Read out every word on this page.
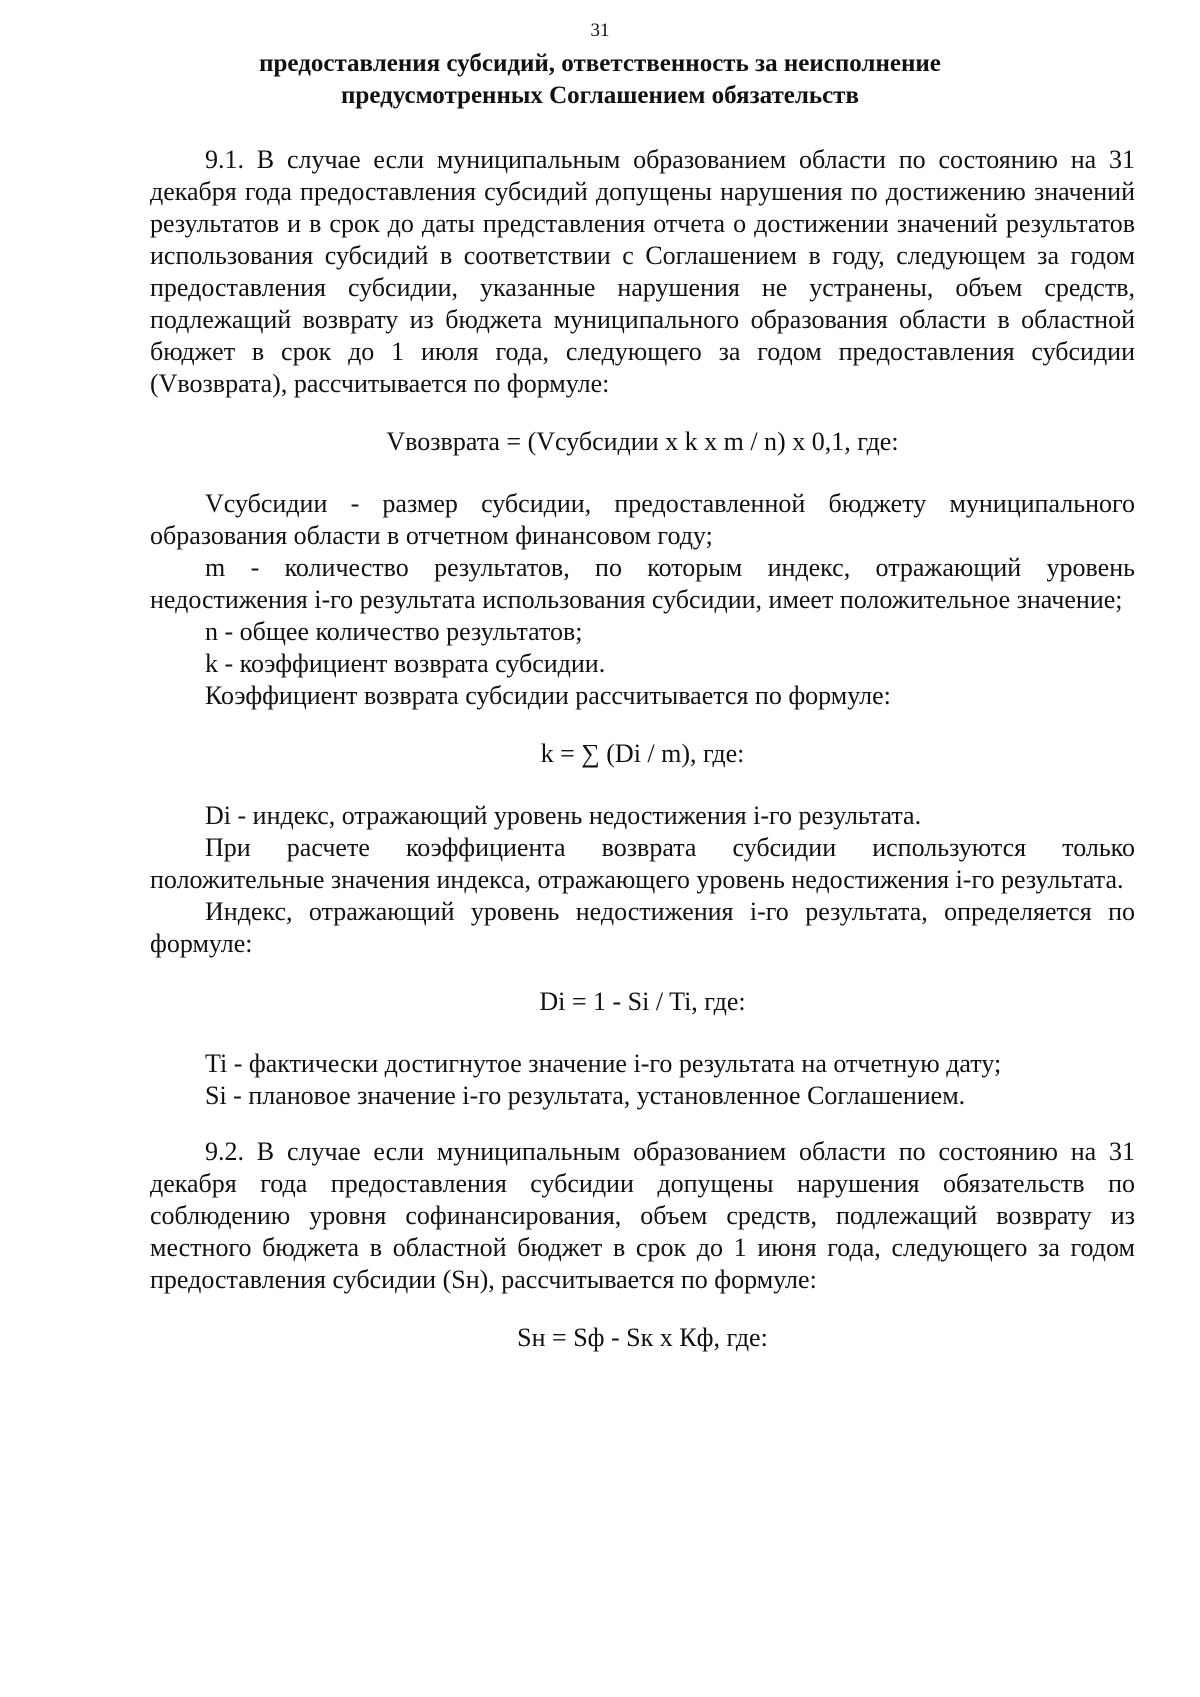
31
предоставления субсидий, ответственность за неисполнение
предусмотренных Соглашением обязательств

9.1. В случае если муниципальным образованием области по состоянию на 31 декабря года предоставления субсидий допущены нарушения по достижению значений результатов и в срок до даты представления отчета о достижении значений результатов использования субсидий в соответствии с Соглашением в году, следующем за годом предоставления субсидии, указанные нарушения не устранены, объем средств, подлежащий возврату из бюджета муниципального образования области в областной бюджет в срок до 1 июля года, следующего за годом предоставления субсидии (Vвозврата), рассчитывается по формуле:

Vвозврата = (Vсубсидии x k x m / n) x 0,1, где:

Vсубсидии - размер субсидии, предоставленной бюджету муниципального образования области в отчетном финансовом году;

m - количество результатов, по которым индекс, отражающий уровень недостижения i-го результата использования субсидии, имеет положительное значение;

n - общее количество результатов;

k - коэффициент возврата субсидии.

Коэффициент возврата субсидии рассчитывается по формуле:

k = ∑ (Di / m), где:

Di - индекс, отражающий уровень недостижения i-го результата.

При расчете коэффициента возврата субсидии используются только положительные значения индекса, отражающего уровень недостижения i-го результата.

Индекс, отражающий уровень недостижения i-го результата, определяется по формуле:

Di = 1 - Si / Ti, где:

Ti - фактически достигнутое значение i-го результата на отчетную дату;

Si - плановое значение i-го результата, установленное Соглашением.

9.2. В случае если муниципальным образованием области по состоянию на 31 декабря года предоставления субсидии допущены нарушения обязательств по соблюдению уровня софинансирования, объем средств, подлежащий возврату из местного бюджета в областной бюджет в срок до 1 июня года, следующего за годом предоставления субсидии (Sн), рассчитывается по формуле:

Sн = Sф - Sк x Кф, где:
